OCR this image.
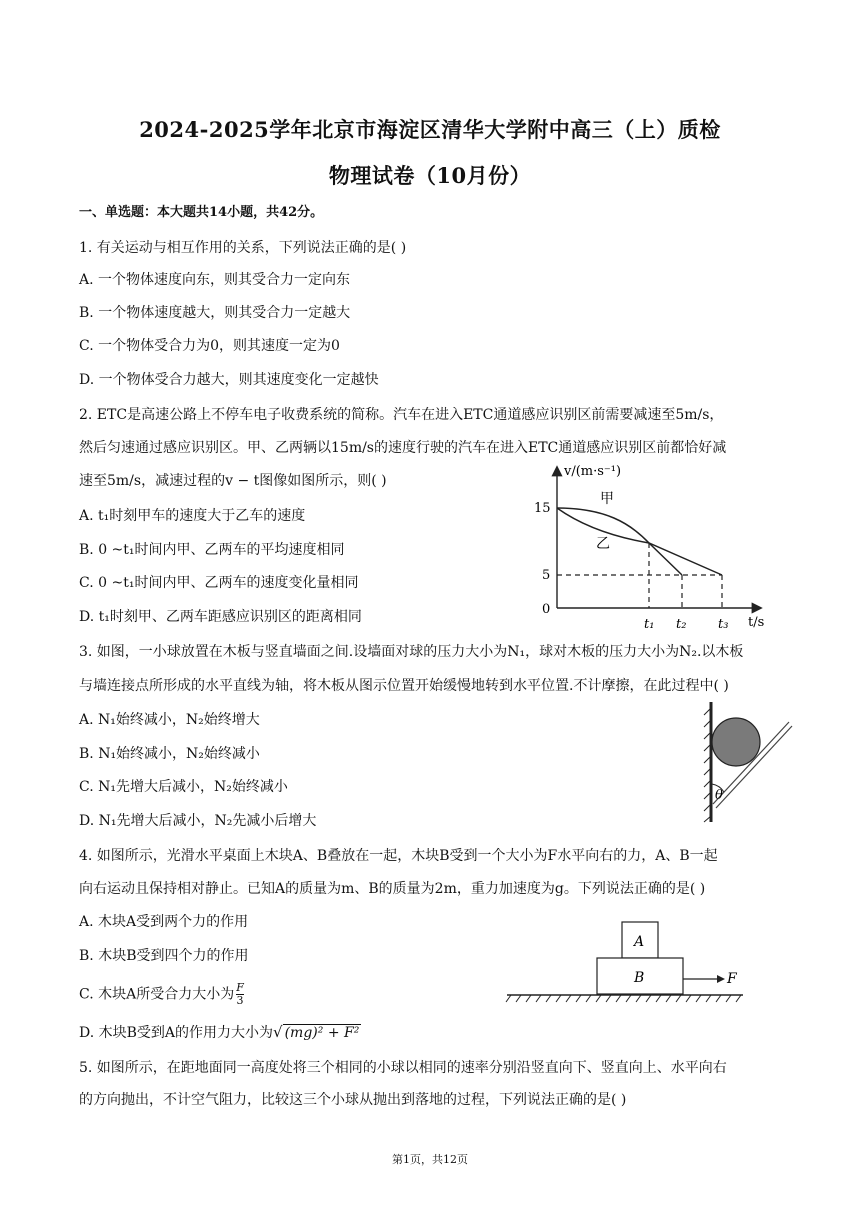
2024-2025学年北京市海淀区清华大学附中高三（上）质检
物理试卷（10月份）
一、单选题：本大题共14小题，共42分。
1. 有关运动与相互作用的关系，下列说法正确的是( )
A. 一个物体速度向东，则其受合力一定向东
B. 一个物体速度越大，则其受合力一定越大
C. 一个物体受合力为0，则其速度一定为0
D. 一个物体受合力越大，则其速度变化一定越快
2. ETC是高速公路上不停车电子收费系统的简称。汽车在进入ETC通道感应识别区前需要减速至5m/s，
然后匀速通过感应识别区。甲、乙两辆以15m/s的速度行驶的汽车在进入ETC通道感应识别区前都恰好减
速至5m/s，减速过程的v − t图像如图所示，则( )
A. t₁时刻甲车的速度大于乙车的速度
B. 0 ~t₁时间内甲、乙两车的平均速度相同
C. 0 ~t₁时间内甲、乙两车的速度变化量相同
D. t₁时刻甲、乙两车距感应识别区的距离相同
v/(m·s⁻¹)
t/s
15
5
0
t₁ t₂ t₃
甲
乙
3. 如图，一小球放置在木板与竖直墙面之间.设墙面对球的压力大小为N₁，球对木板的压力大小为N₂.以木板
与墙连接点所形成的水平直线为轴，将木板从图示位置开始缓慢地转到水平位置.不计摩擦，在此过程中( )
A. N₁始终减小，N₂始终增大
B. N₁始终减小，N₂始终减小
C. N₁先增大后减小，N₂始终减小
D. N₁先增大后减小，N₂先减小后增大
θ
4. 如图所示，光滑水平桌面上木块A、B叠放在一起，木块B受到一个大小为F水平向右的力，A、B一起
向右运动且保持相对静止。已知A的质量为m、B的质量为2m，重力加速度为g。下列说法正确的是( )
A. 木块A受到两个力的作用
B. 木块B受到四个力的作用
C. 木块A所受合力大小为 $\frac{F}{3}$
D. 木块B受到A的作用力大小为√ (mg)² + F²
A
B	F
5. 如图所示，在距地面同一高度处将三个相同的小球以相同的速率分别沿竖直向下、竖直向上、水平向右
的方向抛出，不计空气阻力，比较这三个小球从抛出到落地的过程，下列说法正确的是( )
第1页，共12页
